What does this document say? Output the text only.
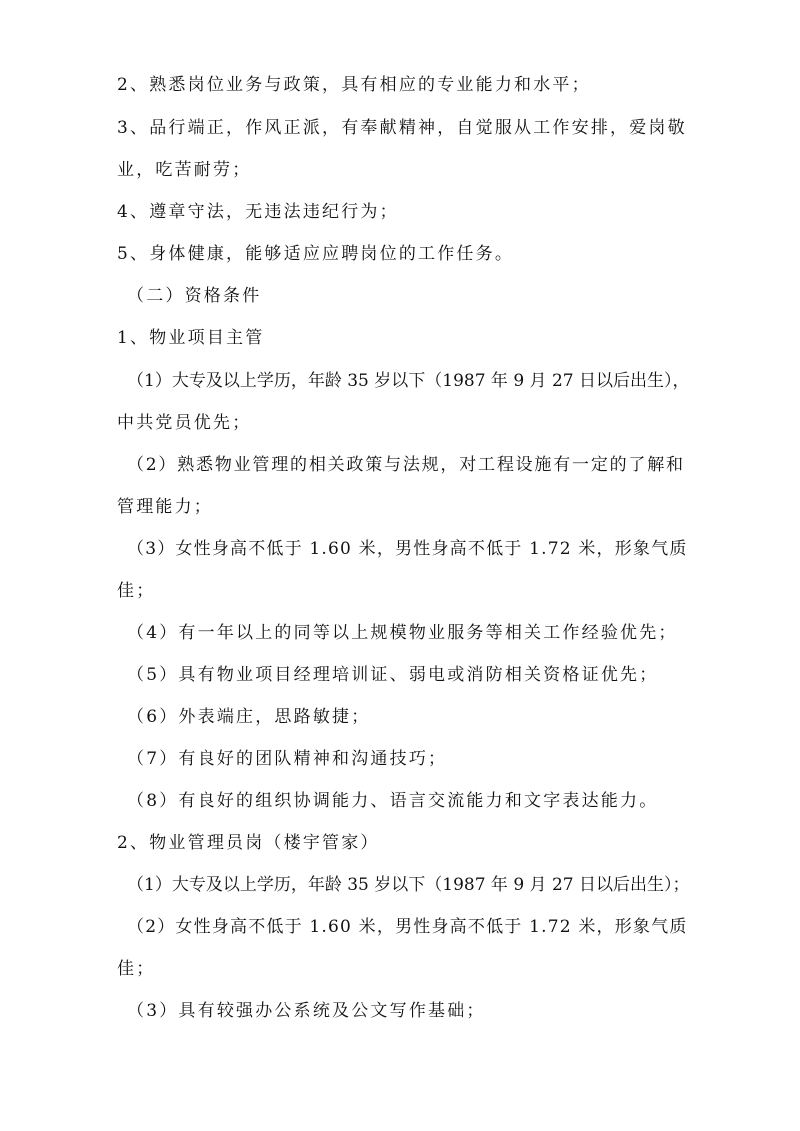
2、熟悉岗位业务与政策，具有相应的专业能力和水平；
3、品行端正，作风正派，有奉献精神，自觉服从工作安排，爱岗敬
业，吃苦耐劳；
4、遵章守法，无违法违纪行为；
5、身体健康，能够适应应聘岗位的工作任务。
（二）资格条件
1、物业项目主管
（1）大专及以上学历，年龄 35 岁以下（1987 年 9 月 27 日以后出生），
中共党员优先；
（2）熟悉物业管理的相关政策与法规，对工程设施有一定的了解和
管理能力；
（3）女性身高不低于 1.60 米，男性身高不低于 1.72 米，形象气质
佳；
（4）有一年以上的同等以上规模物业服务等相关工作经验优先；
（5）具有物业项目经理培训证、弱电或消防相关资格证优先；
（6）外表端庄，思路敏捷；
（7）有良好的团队精神和沟通技巧；
（8）有良好的组织协调能力、语言交流能力和文字表达能力。
2、物业管理员岗（楼宇管家）
（1）大专及以上学历，年龄 35 岁以下（1987 年 9 月 27 日以后出生）；
（2）女性身高不低于 1.60 米，男性身高不低于 1.72 米，形象气质
佳；
（3）具有较强办公系统及公文写作基础；
